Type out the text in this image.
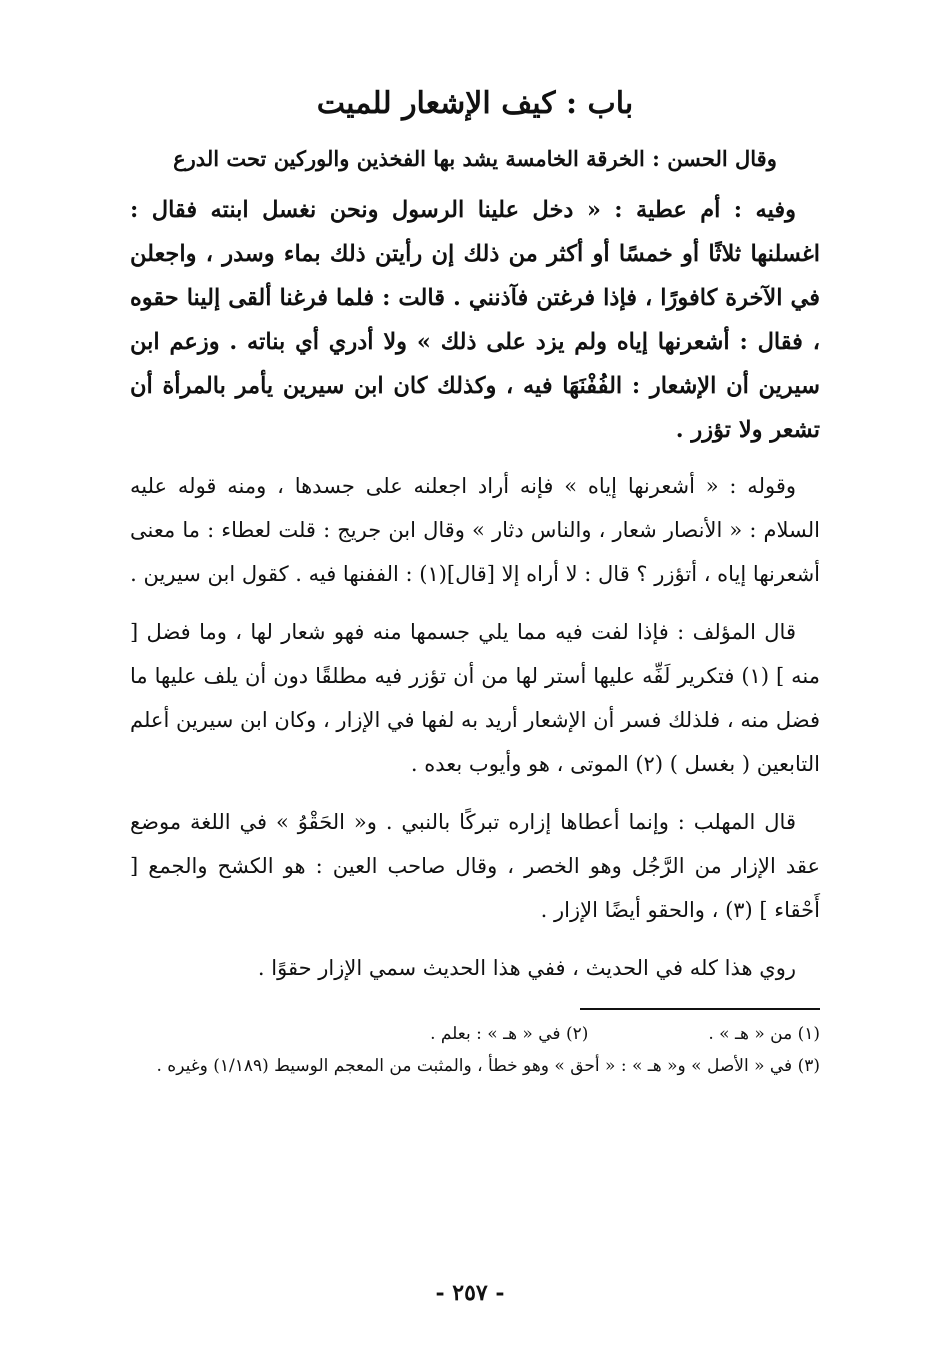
باب : كيف الإشعار للميت
وقال الحسن : الخرقة الخامسة يشد بها الفخذين والوركين تحت الدرع
وفيه : أم عطية : « دخل علينا الرسول ونحن نغسل ابنته فقال : اغسلنها ثلاثًا أو خمسًا أو أكثر من ذلك إن رأيتن ذلك بماء وسدر ، واجعلن في الآخرة كافورًا ، فإذا فرغتن فآذنني . قالت : فلما فرغنا ألقى إلينا حقوه ، فقال : أشعرنها إياه ولم يزد على ذلك » ولا أدري أي بناته . وزعم ابن سيرين أن الإشعار : الفُفْنَهَا فيه ، وكذلك كان ابن سيرين يأمر بالمرأة أن تشعر ولا تؤزر .
وقوله : « أشعرنها إياه » فإنه أراد اجعلنه على جسدها ، ومنه قوله عليه السلام : « الأنصار شعار ، والناس دثار » وقال ابن جريج : قلت لعطاء : ما معنى أشعرنها إياه ، أتؤزر ؟ قال : لا أراه إلا [قال](١) : الففنها فيه . كقول ابن سيرين .
قال المؤلف : فإذا لفت فيه مما يلي جسمها منه فهو شعار لها ، وما فضل [ منه ] (١) فتكرير لَفِّه عليها أستر لها من أن تؤزر فيه مطلقًا دون أن يلف عليها ما فضل منه ، فلذلك فسر أن الإشعار أريد به لفها في الإزار ، وكان ابن سيرين أعلم التابعين ( بغسل ) (٢) الموتى ، هو وأيوب بعده .
قال المهلب : وإنما أعطاها إزاره تبركًا بالنبي . و« الحَقْوُ » في اللغة موضع عقد الإزار من الرَّجُل وهو الخصر ، وقال صاحب العين : هو الكشح والجمع [ أَحْقاء ] (٣) ، والحقو أيضًا الإزار .
روي هذا كله في الحديث ، ففي هذا الحديث سمي الإزار حقوًا .
(١) من « هـ » .
(٢) في « هـ » : بعلم .
(٣) في « الأصل » و« هـ » : « أحق » وهو خطأ ، والمثبت من المعجم الوسيط (١/١٨٩) وغيره .
- ٢٥٧ -
